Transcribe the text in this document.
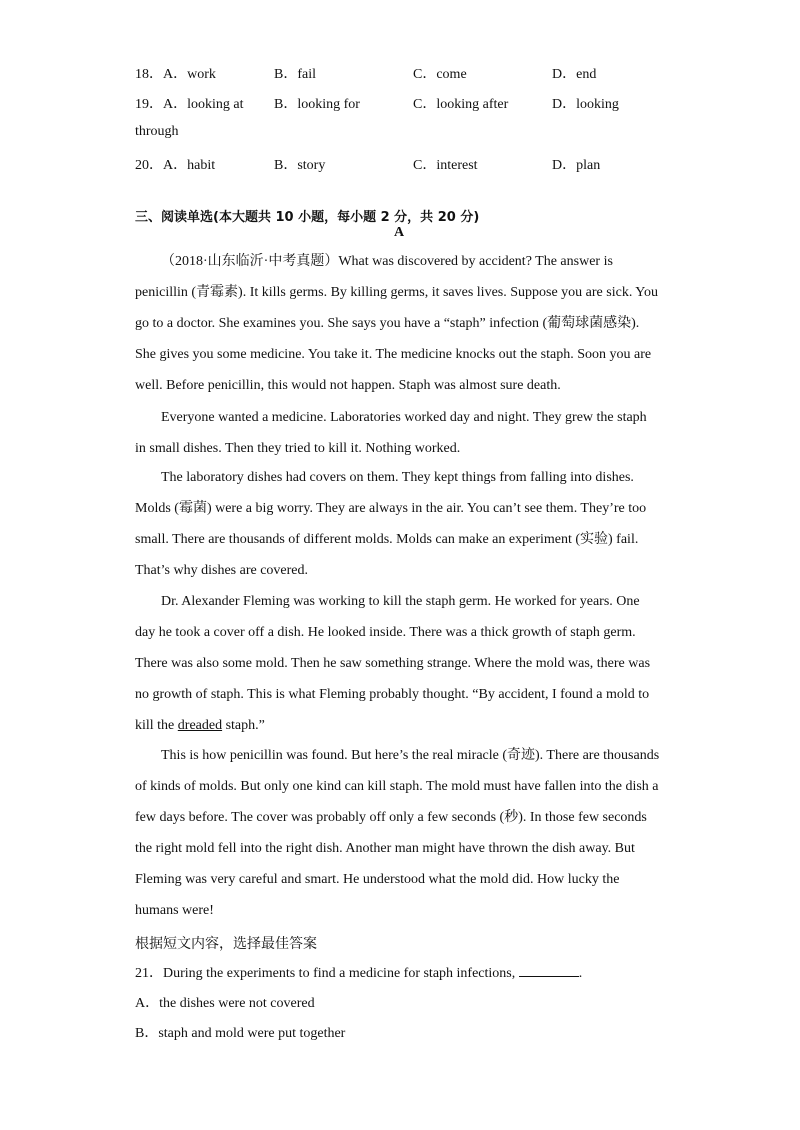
18．A．work	B．fail	C．come	D．end
19．A．looking at B．looking for	C．looking after	D．looking
through
20．A．habit	B．story	C．interest	D．plan
三、阅读单选(本大题共 10 小题，每小题 2 分，共 20 分)
A
（2018·山东临沂·中考真题）What was discovered by accident? The answer is
penicillin (青霉素). It kills germs. By killing germs, it saves lives. Suppose you are sick. You
go to a doctor. She examines you. She says you have a “staph” infection (葡萄球菌感染).
She gives you some medicine. You take it. The medicine knocks out the staph. Soon you are
well. Before penicillin, this would not happen. Staph was almost sure death.
Everyone wanted a medicine. Laboratories worked day and night. They grew the staph
in small dishes. Then they tried to kill it. Nothing worked.
The laboratory dishes had covers on them. They kept things from falling into dishes.
Molds (霉菌) were a big worry. They are always in the air. You can’t see them. They’re too
small. There are thousands of different molds. Molds can make an experiment (实验) fail.
That’s why dishes are covered.
Dr. Alexander Fleming was working to kill the staph germ. He worked for years. One
day he took a cover off a dish. He looked inside. There was a thick growth of staph germ.
There was also some mold. Then he saw something strange. Where the mold was, there was
no growth of staph. This is what Fleming probably thought. “By accident, I found a mold to
kill the dreaded staph.”
This is how penicillin was found. But here’s the real miracle (奇迹). There are thousands
of kinds of molds. But only one kind can kill staph. The mold must have fallen into the dish a
few days before. The cover was probably off only a few seconds (秒). In those few seconds
the right mold fell into the right dish. Another man might have thrown the dish away. But
Fleming was very careful and smart. He understood what the mold did. How lucky the
humans were!
根据短文内容，选择最佳答案
21．During the experiments to find a medicine for staph infections,	.
A．the dishes were not covered
B．staph and mold were put together
